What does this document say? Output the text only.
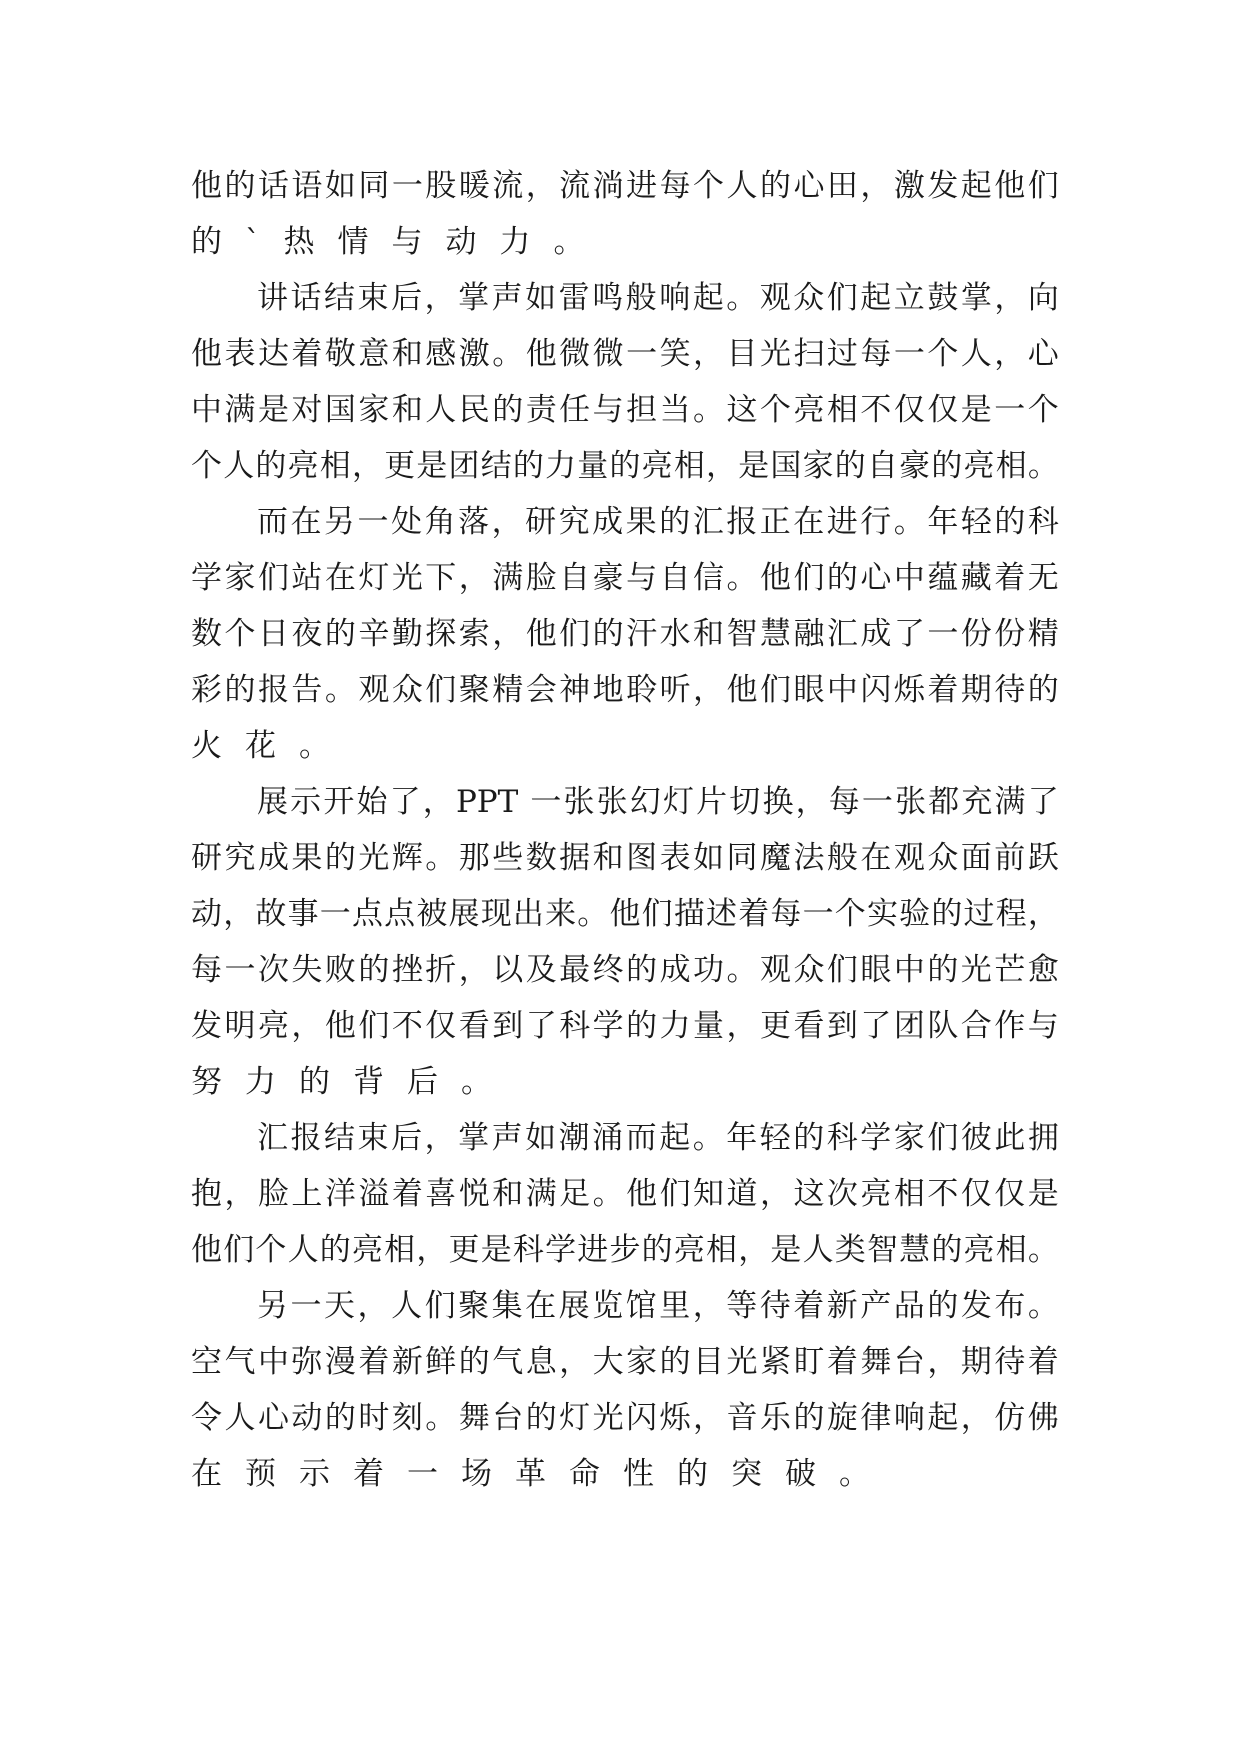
他 的 话 语 如 同 一 股 暖 流 ， 流 淌 进 每 个 人 的 心 田 ， 激 发 起 他 们
的 ` 热 情 与 动 力 。
讲 话 结 束 后 ， 掌 声 如 雷 鸣 般 响 起 。 观 众 们 起 立 鼓 掌 ， 向
他 表 达 着 敬 意 和 感 激 。 他 微 微 一 笑 ， 目 光 扫 过 每 一 个 人 ， 心
中 满 是 对 国 家 和 人 民 的 责 任 与 担 当 。 这 个 亮 相 不 仅 仅 是 一 个
个 人 的 亮 相 ， 更 是 团 结 的 力 量 的 亮 相 ， 是 国 家 的 自 豪 的 亮 相 。
而 在 另 一 处 角 落 ， 研 究 成 果 的 汇 报 正 在 进 行 。 年 轻 的 科
学 家 们 站 在 灯 光 下 ， 满 脸 自 豪 与 自 信 。 他 们 的 心 中 蕴 藏 着 无
数 个 日 夜 的 辛 勤 探 索 ， 他 们 的 汗 水 和 智 慧 融 汇 成 了 一 份 份 精
彩 的 报 告 。 观 众 们 聚 精 会 神 地 聆 听 ， 他 们 眼 中 闪 烁 着 期 待 的
火 花 。
展 示 开 始 了 ， PPT 一 张 张 幻 灯 片 切 换 ， 每 一 张 都 充 满 了
研 究 成 果 的 光 辉 。 那 些 数 据 和 图 表 如 同 魔 法 般 在 观 众 面 前 跃
动 ， 故 事 一 点 点 被 展 现 出 来 。 他 们 描 述 着 每 一 个 实 验 的 过 程 ，
每 一 次 失 败 的 挫 折 ， 以 及 最 终 的 成 功 。 观 众 们 眼 中 的 光 芒 愈
发 明 亮 ， 他 们 不 仅 看 到 了 科 学 的 力 量 ， 更 看 到 了 团 队 合 作 与
努 力 的 背 后 。
汇 报 结 束 后 ， 掌 声 如 潮 涌 而 起 。 年 轻 的 科 学 家 们 彼 此 拥
抱 ， 脸 上 洋 溢 着 喜 悦 和 满 足 。 他 们 知 道 ， 这 次 亮 相 不 仅 仅 是
他 们 个 人 的 亮 相 ， 更 是 科 学 进 步 的 亮 相 ， 是 人 类 智 慧 的 亮 相 。
另 一 天 ， 人 们 聚 集 在 展 览 馆 里 ， 等 待 着 新 产 品 的 发 布 。
空 气 中 弥 漫 着 新 鲜 的 气 息 ， 大 家 的 目 光 紧 盯 着 舞 台 ， 期 待 着
令 人 心 动 的 时 刻 。 舞 台 的 灯 光 闪 烁 ， 音 乐 的 旋 律 响 起 ， 仿 佛
在 预 示 着 一 场 革 命 性 的 突 破 。
